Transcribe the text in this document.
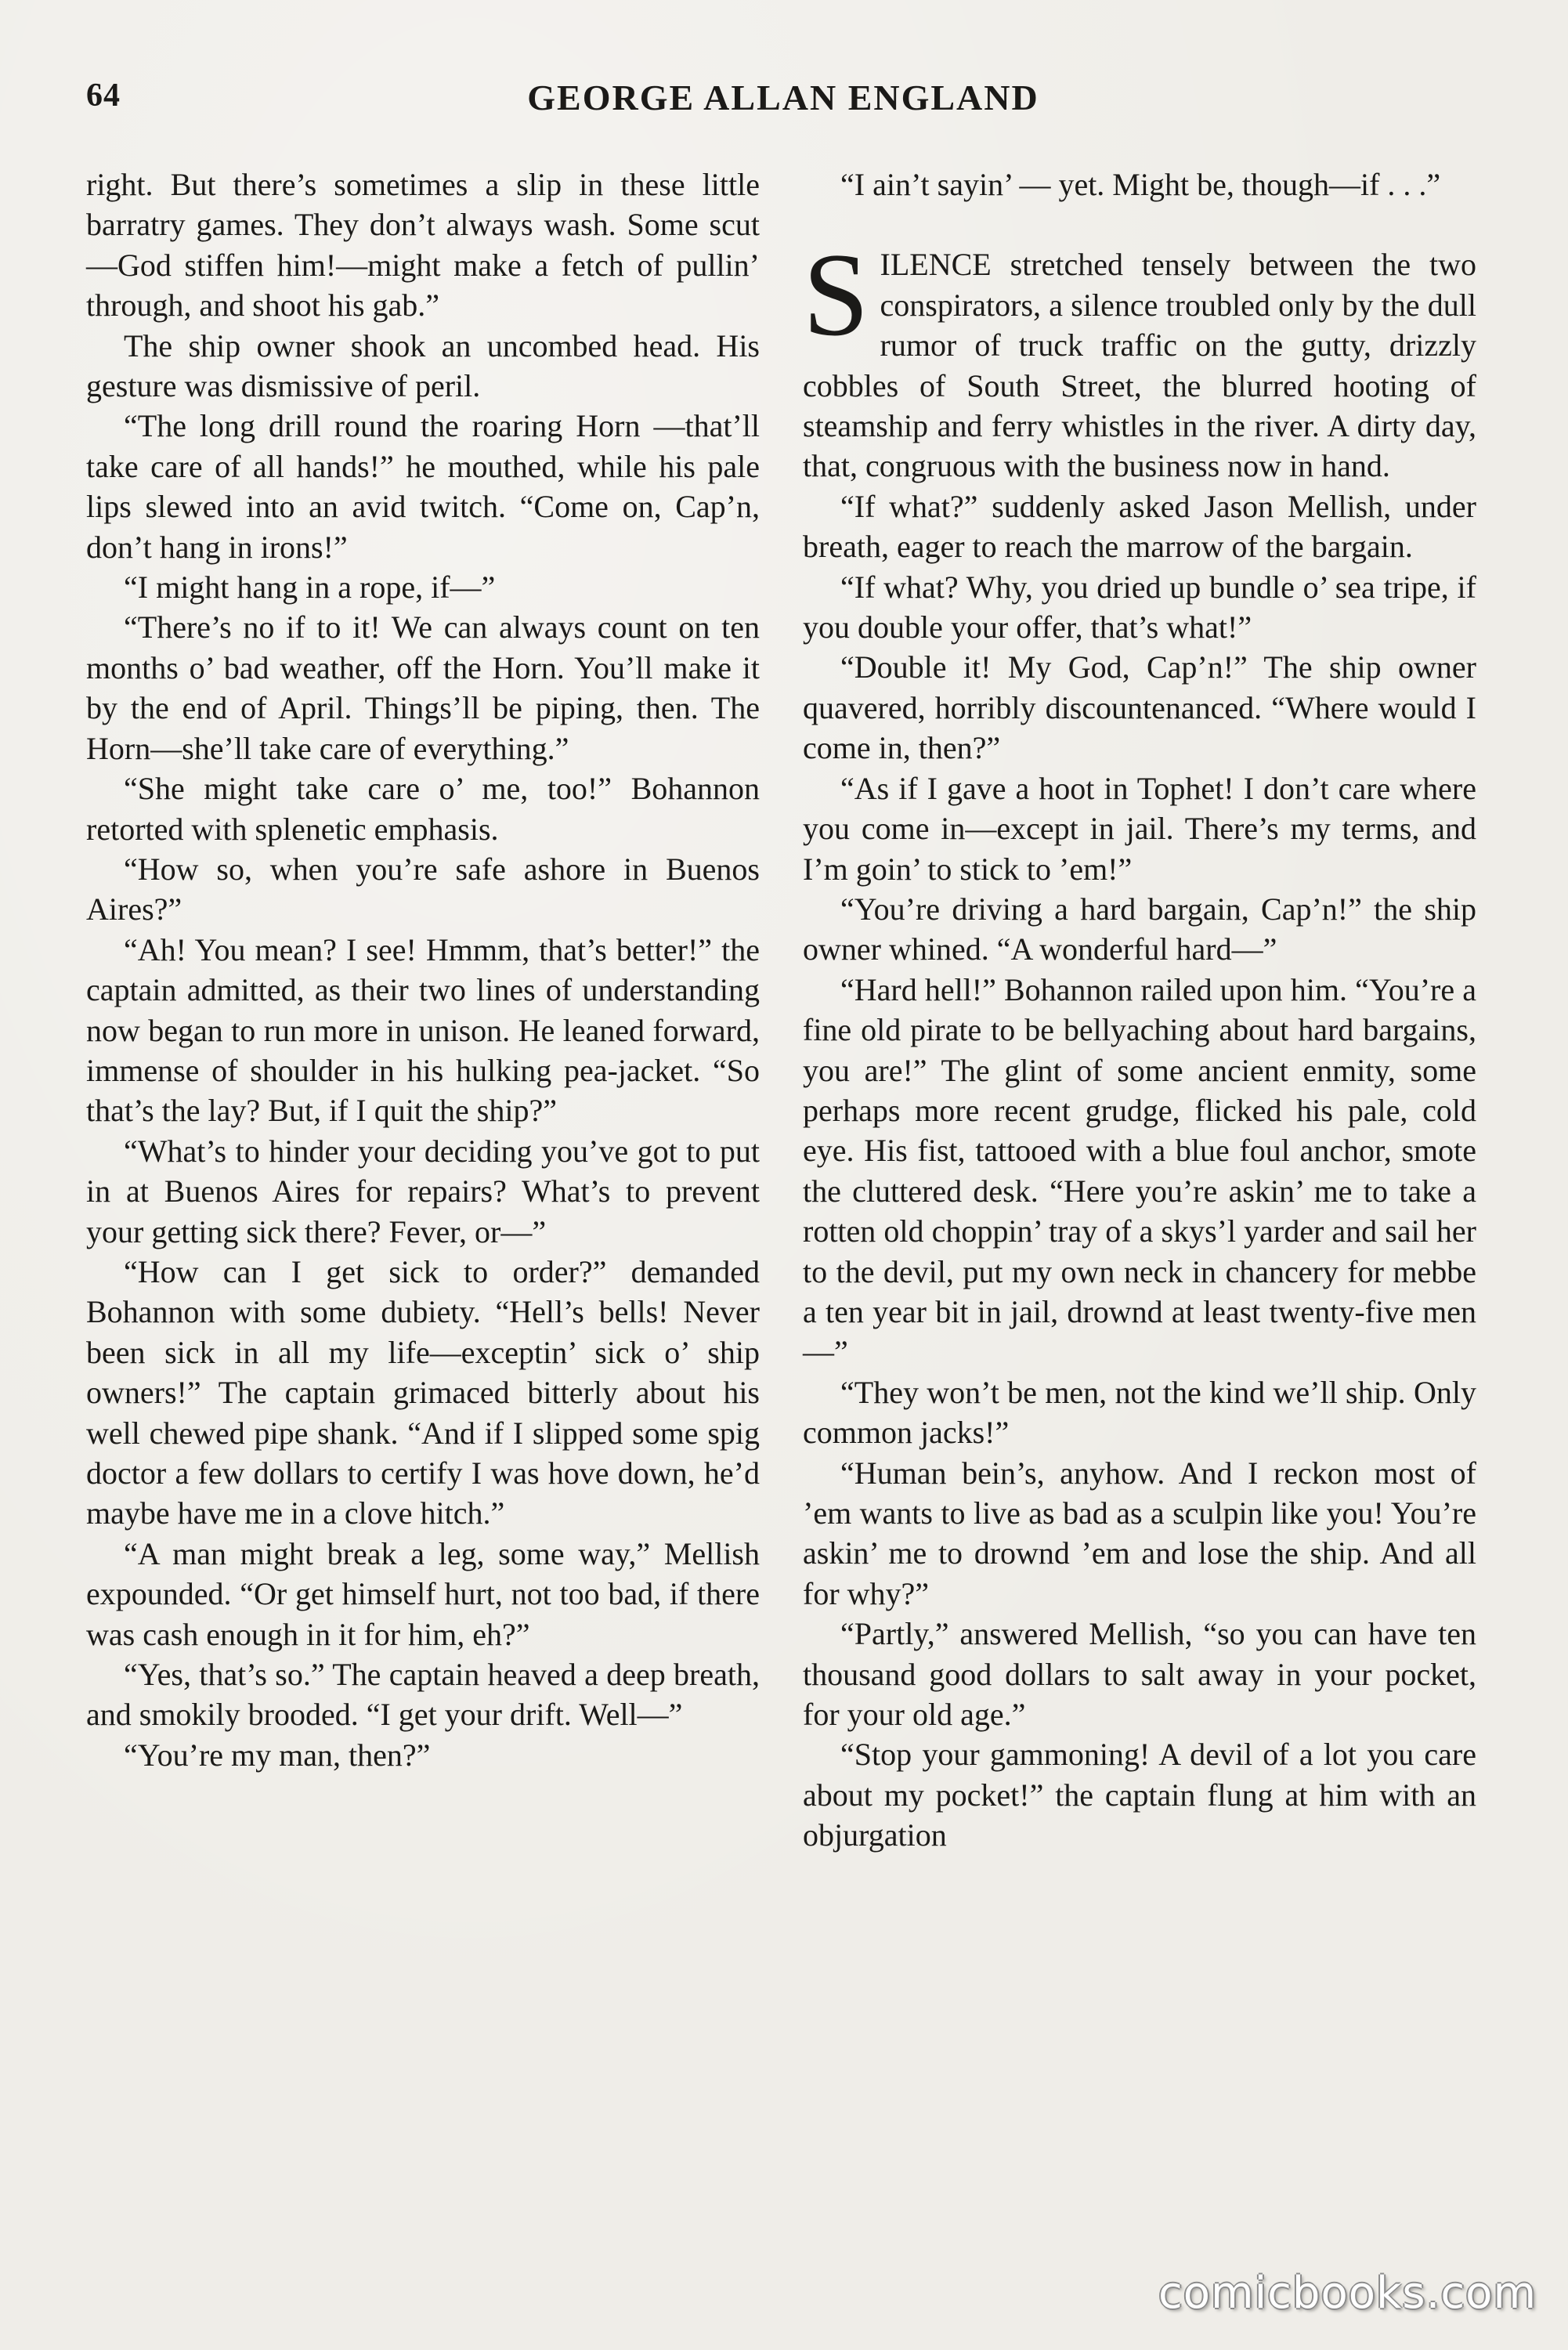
64	GEORGE ALLAN ENGLAND

right. But there’s sometimes a slip in these little barratry games. They don’t always wash. Some scut—God stiffen him!—might make a fetch of pullin’ through, and shoot his gab.”

The ship owner shook an uncombed head. His gesture was dismissive of peril.

“The long drill round the roaring Horn —that’ll take care of all hands!” he mouthed, while his pale lips slewed into an avid twitch. “Come on, Cap’n, don’t hang in irons!”

“I might hang in a rope, if—”

“There’s no if to it! We can always count on ten months o’ bad weather, off the Horn. You’ll make it by the end of April. Things’ll be piping, then. The Horn—she’ll take care of everything.”

“She might take care o’ me, too!” Bohannon retorted with splenetic emphasis.

“How so, when you’re safe ashore in Buenos Aires?”

“Ah! You mean? I see! Hmmm, that’s better!” the captain admitted, as their two lines of understanding now began to run more in unison. He leaned forward, immense of shoulder in his hulking pea-jacket. “So that’s the lay? But, if I quit the ship?”

“What’s to hinder your deciding you’ve got to put in at Buenos Aires for repairs? What’s to prevent your getting sick there? Fever, or—”

“How can I get sick to order?” demanded Bohannon with some dubiety. “Hell’s bells! Never been sick in all my life—exceptin’ sick o’ ship owners!” The captain grimaced bitterly about his well chewed pipe shank. “And if I slipped some spig doctor a few dollars to certify I was hove down, he’d maybe have me in a clove hitch.”

“A man might break a leg, some way,” Mellish expounded. “Or get himself hurt, not too bad, if there was cash enough in it for him, eh?”

“Yes, that’s so.” The captain heaved a deep breath, and smokily brooded. “I get your drift. Well—”

“You’re my man, then?”

“I ain’t sayin’ — yet. Might be, though—if . . .”

SILENCE stretched tensely between the two conspirators, a silence troubled only by the dull rumor of truck traffic on the gutty, drizzly cobbles of South Street, the blurred hooting of steamship and ferry whistles in the river. A dirty day, that, congruous with the business now in hand.

“If what?” suddenly asked Jason Mellish, under breath, eager to reach the marrow of the bargain.

“If what? Why, you dried up bundle o’ sea tripe, if you double your offer, that’s what!”

“Double it! My God, Cap’n!” The ship owner quavered, horribly discountenanced. “Where would I come in, then?”

“As if I gave a hoot in Tophet! I don’t care where you come in—except in jail. There’s my terms, and I’m goin’ to stick to ’em!”

“You’re driving a hard bargain, Cap’n!” the ship owner whined. “A wonderful hard—”

“Hard hell!” Bohannon railed upon him. “You’re a fine old pirate to be bellyaching about hard bargains, you are!” The glint of some ancient enmity, some perhaps more recent grudge, flicked his pale, cold eye. His fist, tattooed with a blue foul anchor, smote the cluttered desk. “Here you’re askin’ me to take a rotten old choppin’ tray of a skys’l yarder and sail her to the devil, put my own neck in chancery for mebbe a ten year bit in jail, drownd at least twenty-five men—”

“They won’t be men, not the kind we’ll ship. Only common jacks!”

“Human bein’s, anyhow. And I reckon most of ’em wants to live as bad as a sculpin like you! You’re askin’ me to drownd ’em and lose the ship. And all for why?”

“Partly,” answered Mellish, “so you can have ten thousand good dollars to salt away in your pocket, for your old age.”

“Stop your gammoning! A devil of a lot you care about my pocket!” the captain flung at him with an objurgation

comicbooks.com
